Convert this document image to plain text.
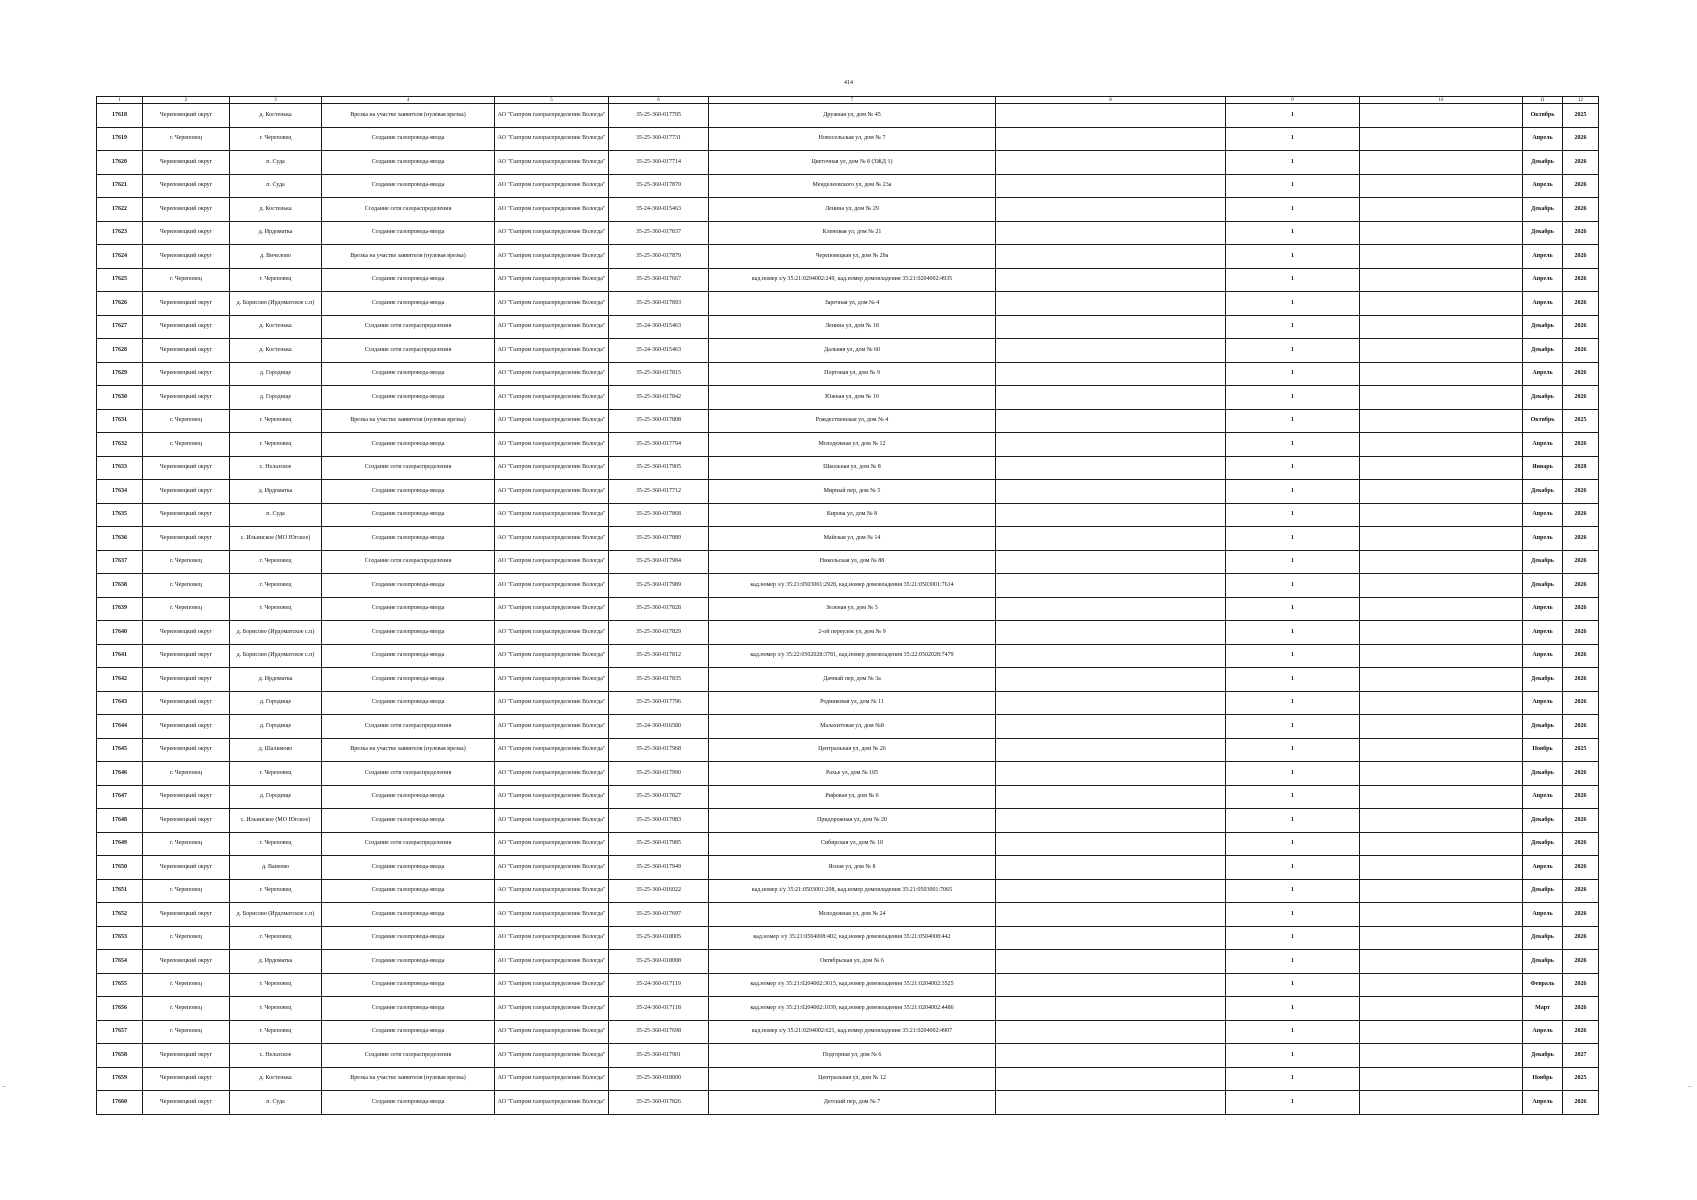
414
–	–
1	2	3	4	5	6	7	8	9	10	11	12
17618	Череповецкий округ	д. Костенька	Врезка на участке заявителя (нулевая врезка)	АО "Газпром газораспределение Вологда"	35-25-360-017795	Дружная ул, дом № 45		1		Октябрь	2025
17619	г. Череповец	г. Череповец	Создание газопровода-ввода	АО "Газпром газораспределение Вологда"	35-25-360-017731	Новосельская ул, дом № 7		1		Апрель	2026
17620	Череповецкий округ	п. Суда	Создание газопровода-ввода	АО "Газпром газораспределение Вологда"	35-25-360-017714	Цветочная ул, дом № 8 (ЗЖД 1)		1		Декабрь	2026
17621	Череповецкий округ	п. Суда	Создание газопровода-ввода	АО "Газпром газораспределение Вологда"	35-25-360-017870	Менделеевского ул, дом № 23а		1		Апрель	2026
17622	Череповецкий округ	д. Костенька	Создание сети газораспределения	АО "Газпром газораспределение Вологда"	35-24-360-015463	Ленина ул, дом № 29		1		Декабрь	2026
17623	Череповецкий округ	д. Ирдоматка	Создание газопровода-ввода	АО "Газпром газораспределение Вологда"	35-25-360-017837	Кленовая ул, дом № 21		1		Декабрь	2026
17624	Череповецкий округ	д. Вичелово	Врезка на участке заявителя (нулевая врезка)	АО "Газпром газораспределение Вологда"	35-25-360-017879	Череповецкая ул, дом № 29а		1		Апрель	2026
17625	г. Череповец	г. Череповец	Создание газопровода-ввода	АО "Газпром газораспределение Вологда"	35-25-360-017667	кад.номер з/у 35:21:0204002:249, кад.номер домовладения 35:21:0204002:4935		1		Апрель	2026
17626	Череповецкий округ	д. Борисово (Ирдоматское с.п)	Создание газопровода-ввода	АО "Газпром газораспределение Вологда"	35-25-360-017893	Заречная ул, дом № 4		1		Апрель	2026
17627	Череповецкий округ	д. Костенька	Создание сети газораспределения	АО "Газпром газораспределение Вологда"	35-24-360-015463	Ленина ул, дом № 18		1		Декабрь	2026
17628	Череповецкий округ	д. Костенька	Создание сети газораспределения	АО "Газпром газораспределение Вологда"	35-24-360-015463	Дальняя ул, дом № 60		1		Декабрь	2026
17629	Череповецкий округ	д. Городище	Создание газопровода-ввода	АО "Газпром газораспределение Вологда"	35-25-360-017815	Портовая ул, дом № 9		1		Апрель	2026
17630	Череповецкий округ	д. Городище	Создание газопровода-ввода	АО "Газпром газораспределение Вологда"	35-25-360-017842	Южная ул, дом № 10		1		Декабрь	2026
17631	г. Череповец	г. Череповец	Врезка на участке заявителя (нулевая врезка)	АО "Газпром газораспределение Вологда"	35-25-360-017808	Рождественская ул, дом № 4		1		Октябрь	2025
17632	г. Череповец	г. Череповец	Создание газопровода-ввода	АО "Газпром газораспределение Вологда"	35-25-360-017794	Молодежная ул, дом № 12		1		Апрель	2026
17633	Череповецкий округ	с. Нелазское	Создание сети газораспределения	АО "Газпром газораспределение Вологда"	35-25-360-017905	Школьная ул, дом № 8		1		Январь	2028
17634	Череповецкий округ	д. Ирдоматка	Создание газопровода-ввода	АО "Газпром газораспределение Вологда"	35-25-360-017712	Мирный пер, дом № 5		1		Декабрь	2026
17635	Череповецкий округ	п. Суда	Создание газопровода-ввода	АО "Газпром газораспределение Вологда"	35-25-360-017868	Кирова ул, дом № 8		1		Апрель	2026
17636	Череповецкий округ	с. Ильинское (МО Югское)	Создание газопровода-ввода	АО "Газпром газораспределение Вологда"	35-25-360-017889	Майская ул, дом № 14		1		Апрель	2026
17637	г. Череповец	г. Череповец	Создание сети газораспределения	АО "Газпром газораспределение Вологда"	35-25-360-017984	Никольская ул, дом № 88		1		Декабрь	2026
17638	г. Череповец	г. Череповец	Создание газопровода-ввода	АО "Газпром газораспределение Вологда"	35-25-360-017989	кад.номер з/у 35:21:0503001:2928, кад.номер домовладения 35:21:0503001:7614		1		Декабрь	2026
17639	г. Череповец	г. Череповец	Создание газопровода-ввода	АО "Газпром газораспределение Вологда"	35-25-360-017828	Зеленая ул, дом № 5		1		Апрель	2026
17640	Череповецкий округ	д. Борисово (Ирдоматское с.п)	Создание газопровода-ввода	АО "Газпром газораспределение Вологда"	35-25-360-017829	2-ой переулок ул, дом № 9		1		Апрель	2026
17641	Череповецкий округ	д. Борисово (Ирдоматское с.п)	Создание газопровода-ввода	АО "Газпром газораспределение Вологда"	35-25-360-017812	кад.номер з/у 35:22:0502028:3781, кад.номер домовладения 35:22:0502028:7479		1		Апрель	2026
17642	Череповецкий округ	д. Ирдоматка	Создание газопровода-ввода	АО "Газпром газораспределение Вологда"	35-25-360-017835	Дачный пер, дом № 3а		1		Декабрь	2026
17643	Череповецкий округ	д. Городище	Создание газопровода-ввода	АО "Газпром газораспределение Вологда"	35-25-360-017796	Родниковая ул, дом № 11		1		Апрель	2026
17644	Череповецкий округ	д. Городище	Создание сети газораспределения	АО "Газпром газораспределение Вологда"	35-24-360-016580	Малахитовая ул, дом №8		1		Декабрь	2026
17645	Череповецкий округ	д. Шалимово	Врезка на участке заявителя (нулевая врезка)	АО "Газпром газораспределение Вологда"	35-25-360-017968	Центральная ул, дом № 26		1		Ноябрь	2025
17646	г. Череповец	г. Череповец	Создание сети газораспределения	АО "Газпром газораспределение Вологда"	35-25-360-017990	Рахье ул, дом № 105		1		Декабрь	2026
17647	Череповецкий округ	д. Городище	Создание газопровода-ввода	АО "Газпром газораспределение Вологда"	35-25-360-017827	Рифовая ул, дом № 6		1		Апрель	2026
17648	Череповецкий округ	с. Ильинское (МО Югское)	Создание газопровода-ввода	АО "Газпром газораспределение Вологда"	35-25-360-017983	Придорожная ул, дом № 20		1		Декабрь	2026
17649	г. Череповец	г. Череповец	Создание сети газораспределения	АО "Газпром газораспределение Вологда"	35-25-360-017985	Сибирская ул, дом № 10		1		Декабрь	2026
17650	Череповецкий округ	д. Ванеево	Создание газопровода-ввода	АО "Газпром газораспределение Вологда"	35-25-360-017949	Ясная ул, дом № 8		1		Апрель	2026
17651	г. Череповец	г. Череповец	Создание газопровода-ввода	АО "Газпром газораспределение Вологда"	35-25-360-016022	кад.номер з/у 35:21:0503001:208, кад.номер домовладения 35:21:0503001:7065		1		Декабрь	2026
17652	Череповецкий округ	д. Борисово (Ирдоматское с.п)	Создание газопровода-ввода	АО "Газпром газораспределение Вологда"	35-25-360-017697	Молодежная ул, дом № 24		1		Апрель	2026
17653	г. Череповец	г. Череповец	Создание газопровода-ввода	АО "Газпром газораспределение Вологда"	35-25-360-018005	кад.номер з/у 35:21:0504008:402, кад.номер домовладения 35:21:0504008:442		1		Декабрь	2026
17654	Череповецкий округ	д. Ирдоматка	Создание газопровода-ввода	АО "Газпром газораспределение Вологда"	35-25-360-018008	Октябрьская ул, дом № 6		1		Декабрь	2026
17655	г. Череповец	г. Череповец	Создание газопровода-ввода	АО "Газпром газораспределение Вологда"	35-24-360-017119	кад.номер з/у 35:21:0204002:3615, кад.номер домовладения 35:21:0204002:3525		1		Февраль	2026
17656	г. Череповец	г. Череповец	Создание газопровода-ввода	АО "Газпром газораспределение Вологда"	35-24-360-017118	кад.номер з/у 35:21:0204002:1039, кад.номер домовладения 35:21:0204002:4486		1		Март	2026
17657	г. Череповец	г. Череповец	Создание газопровода-ввода	АО "Газпром газораспределение Вологда"	35-25-360-017698	кад.номер з/у 35:21:0204002:621, кад.номер домовладения 35:21:0204002:4907		1		Апрель	2026
17658	Череповецкий округ	с. Нелазское	Создание сети газораспределения	АО "Газпром газораспределение Вологда"	35-25-360-017901	Подгорная ул, дом № 6		1		Декабрь	2027
17659	Череповецкий округ	д. Костенька	Врезка на участке заявителя (нулевая врезка)	АО "Газпром газораспределение Вологда"	35-25-360-018000	Центральная ул, дом № 12		1		Ноябрь	2025
17660	Череповецкий округ	п. Суда	Создание газопровода-ввода	АО "Газпром газораспределение Вологда"	35-25-360-017826	Детский пер, дом № 7		1		Апрель	2026
